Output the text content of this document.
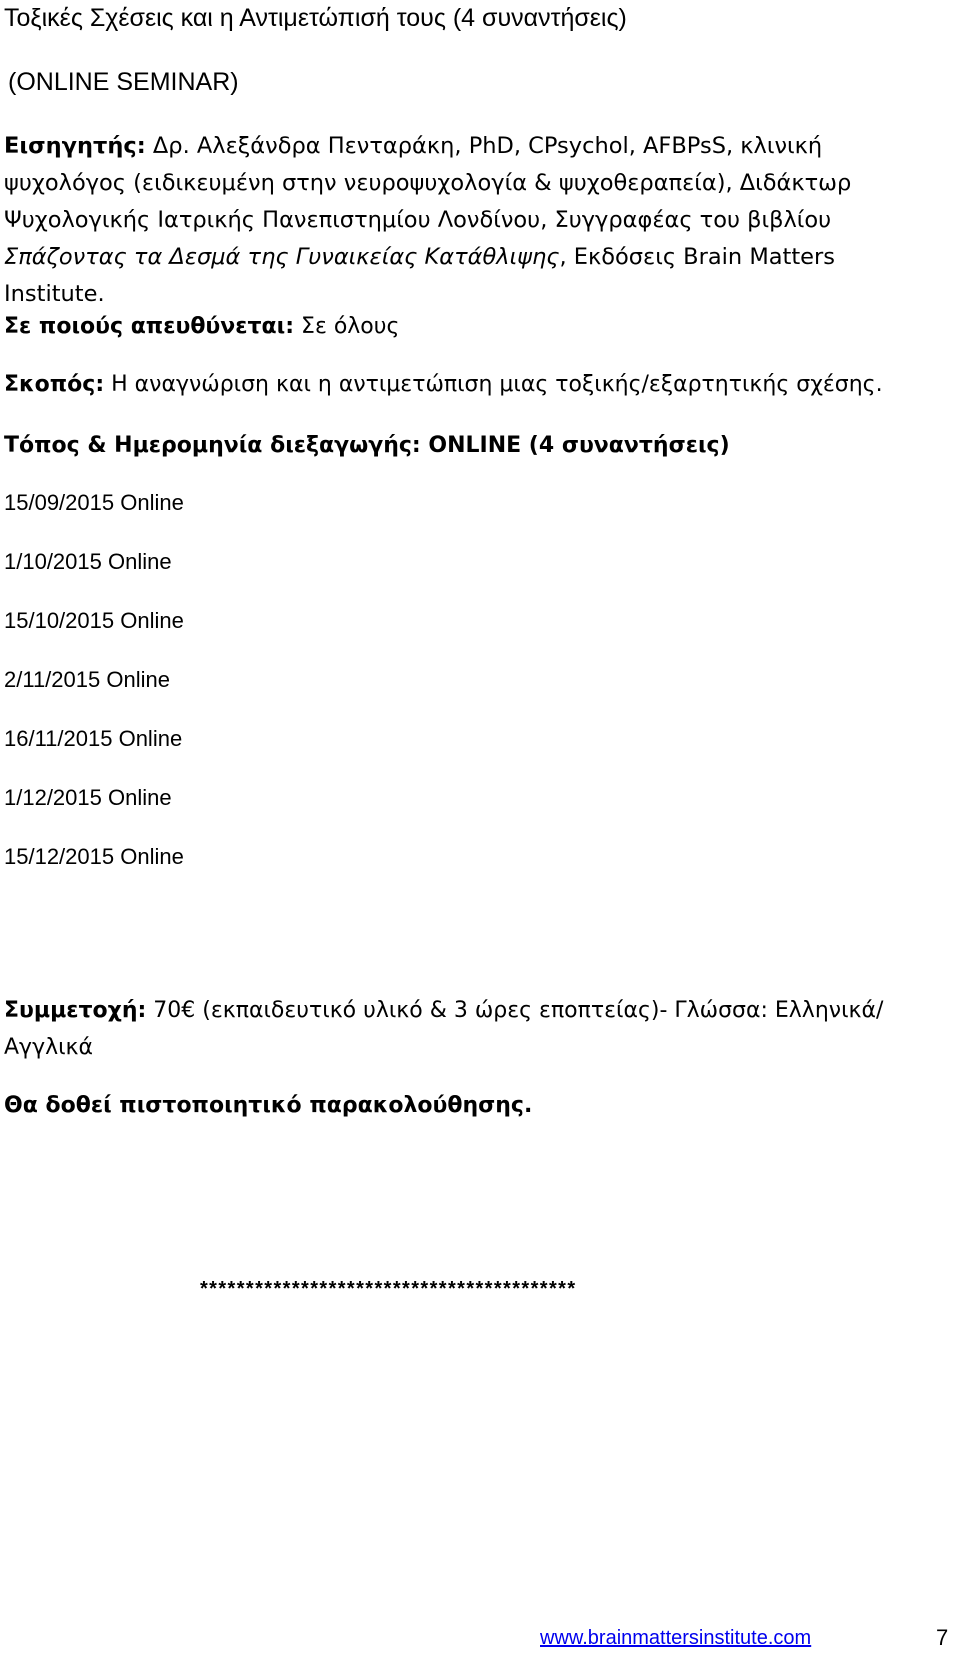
Τοξικές Σχέσεις και η Αντιμετώπισή τους (4 συναντήσεις)
(ONLINE SEMINAR)
Εισηγητής: Δρ. Αλεξάνδρα Πενταράκη, PhD, CPsychol, AFBPsS, κλινική ψυχολόγος (ειδικευμένη στην νευροψυχολογία & ψυχοθεραπεία), Διδάκτωρ Ψυχολογικής Ιατρικής Πανεπιστημίου Λονδίνου, Συγγραφέας του βιβλίου Σπάζοντας τα Δεσμά της Γυναικείας Κατάθλιψης, Εκδόσεις Brain Matters Institute.
Σε ποιούς απευθύνεται: Σε όλους
Σκοπός: Η αναγνώριση και η αντιμετώπιση μιας τοξικής/εξαρτητικής σχέσης.
Τόπος & Ημερομηνία διεξαγωγής: ONLINE (4 συναντήσεις)
15/09/2015 Online
1/10/2015 Online
15/10/2015 Online
2/11/2015 Online
16/11/2015 Online
1/12/2015 Online
15/12/2015 Online
Συμμετοχή: 70€ (εκπαιδευτικό υλικό & 3 ώρες εποπτείας)- Γλώσσα: Ελληνικά/Αγγλικά
Θα δοθεί πιστοποιητικό παρακολούθησης.
*****************************************
www.brainmattersinstitute.com	7
